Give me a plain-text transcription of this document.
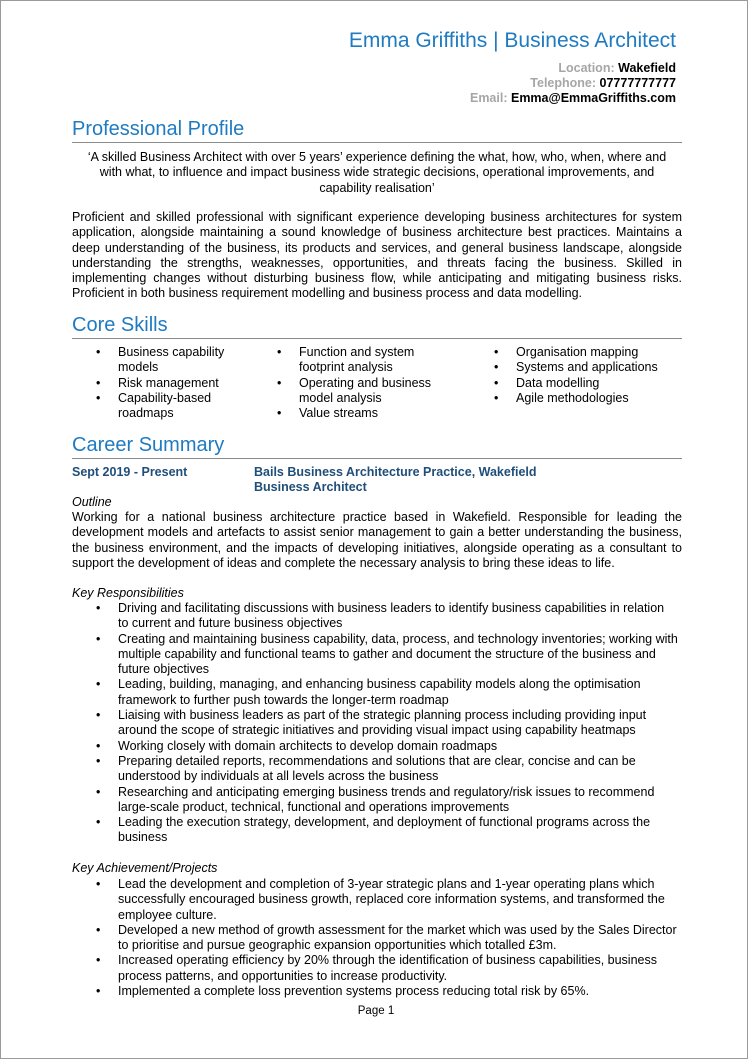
Emma Griffiths | Business Architect
Location: Wakefield
Telephone: 07777777777
Email: Emma@EmmaGriffiths.com
Professional Profile
‘A skilled Business Architect with over 5 years’ experience defining the what, how, who, when, where and with what, to influence and impact business wide strategic decisions, operational improvements, and capability realisation’
Proficient and skilled professional with significant experience developing business architectures for system application, alongside maintaining a sound knowledge of business architecture best practices. Maintains a deep understanding of the business, its products and services, and general business landscape, alongside understanding the strengths, weaknesses, opportunities, and threats facing the business. Skilled in implementing changes without disturbing business flow, while anticipating and mitigating business risks. Proficient in both business requirement modelling and business process and data modelling.
Core Skills
• Business capability models
• Risk management
• Capability-based roadmaps
• Function and system footprint analysis
• Operating and business model analysis
• Value streams
• Organisation mapping
• Systems and applications
• Data modelling
• Agile methodologies
Career Summary
Sept 2019 - Present	Bails Business Architecture Practice, Wakefield
Business Architect
Outline
Working for a national business architecture practice based in Wakefield. Responsible for leading the development models and artefacts to assist senior management to gain a better understanding the business, the business environment, and the impacts of developing initiatives, alongside operating as a consultant to support the development of ideas and complete the necessary analysis to bring these ideas to life.
Key Responsibilities
• Driving and facilitating discussions with business leaders to identify business capabilities in relation to current and future business objectives
• Creating and maintaining business capability, data, process, and technology inventories; working with multiple capability and functional teams to gather and document the structure of the business and future objectives
• Leading, building, managing, and enhancing business capability models along the optimisation framework to further push towards the longer-term roadmap
• Liaising with business leaders as part of the strategic planning process including providing input around the scope of strategic initiatives and providing visual impact using capability heatmaps
• Working closely with domain architects to develop domain roadmaps
• Preparing detailed reports, recommendations and solutions that are clear, concise and can be understood by individuals at all levels across the business
• Researching and anticipating emerging business trends and regulatory/risk issues to recommend large-scale product, technical, functional and operations improvements
• Leading the execution strategy, development, and deployment of functional programs across the business
Key Achievement/Projects
• Lead the development and completion of 3-year strategic plans and 1-year operating plans which successfully encouraged business growth, replaced core information systems, and transformed the employee culture.
• Developed a new method of growth assessment for the market which was used by the Sales Director to prioritise and pursue geographic expansion opportunities which totalled £3m.
• Increased operating efficiency by 20% through the identification of business capabilities, business process patterns, and opportunities to increase productivity.
• Implemented a complete loss prevention systems process reducing total risk by 65%.
Page 1
